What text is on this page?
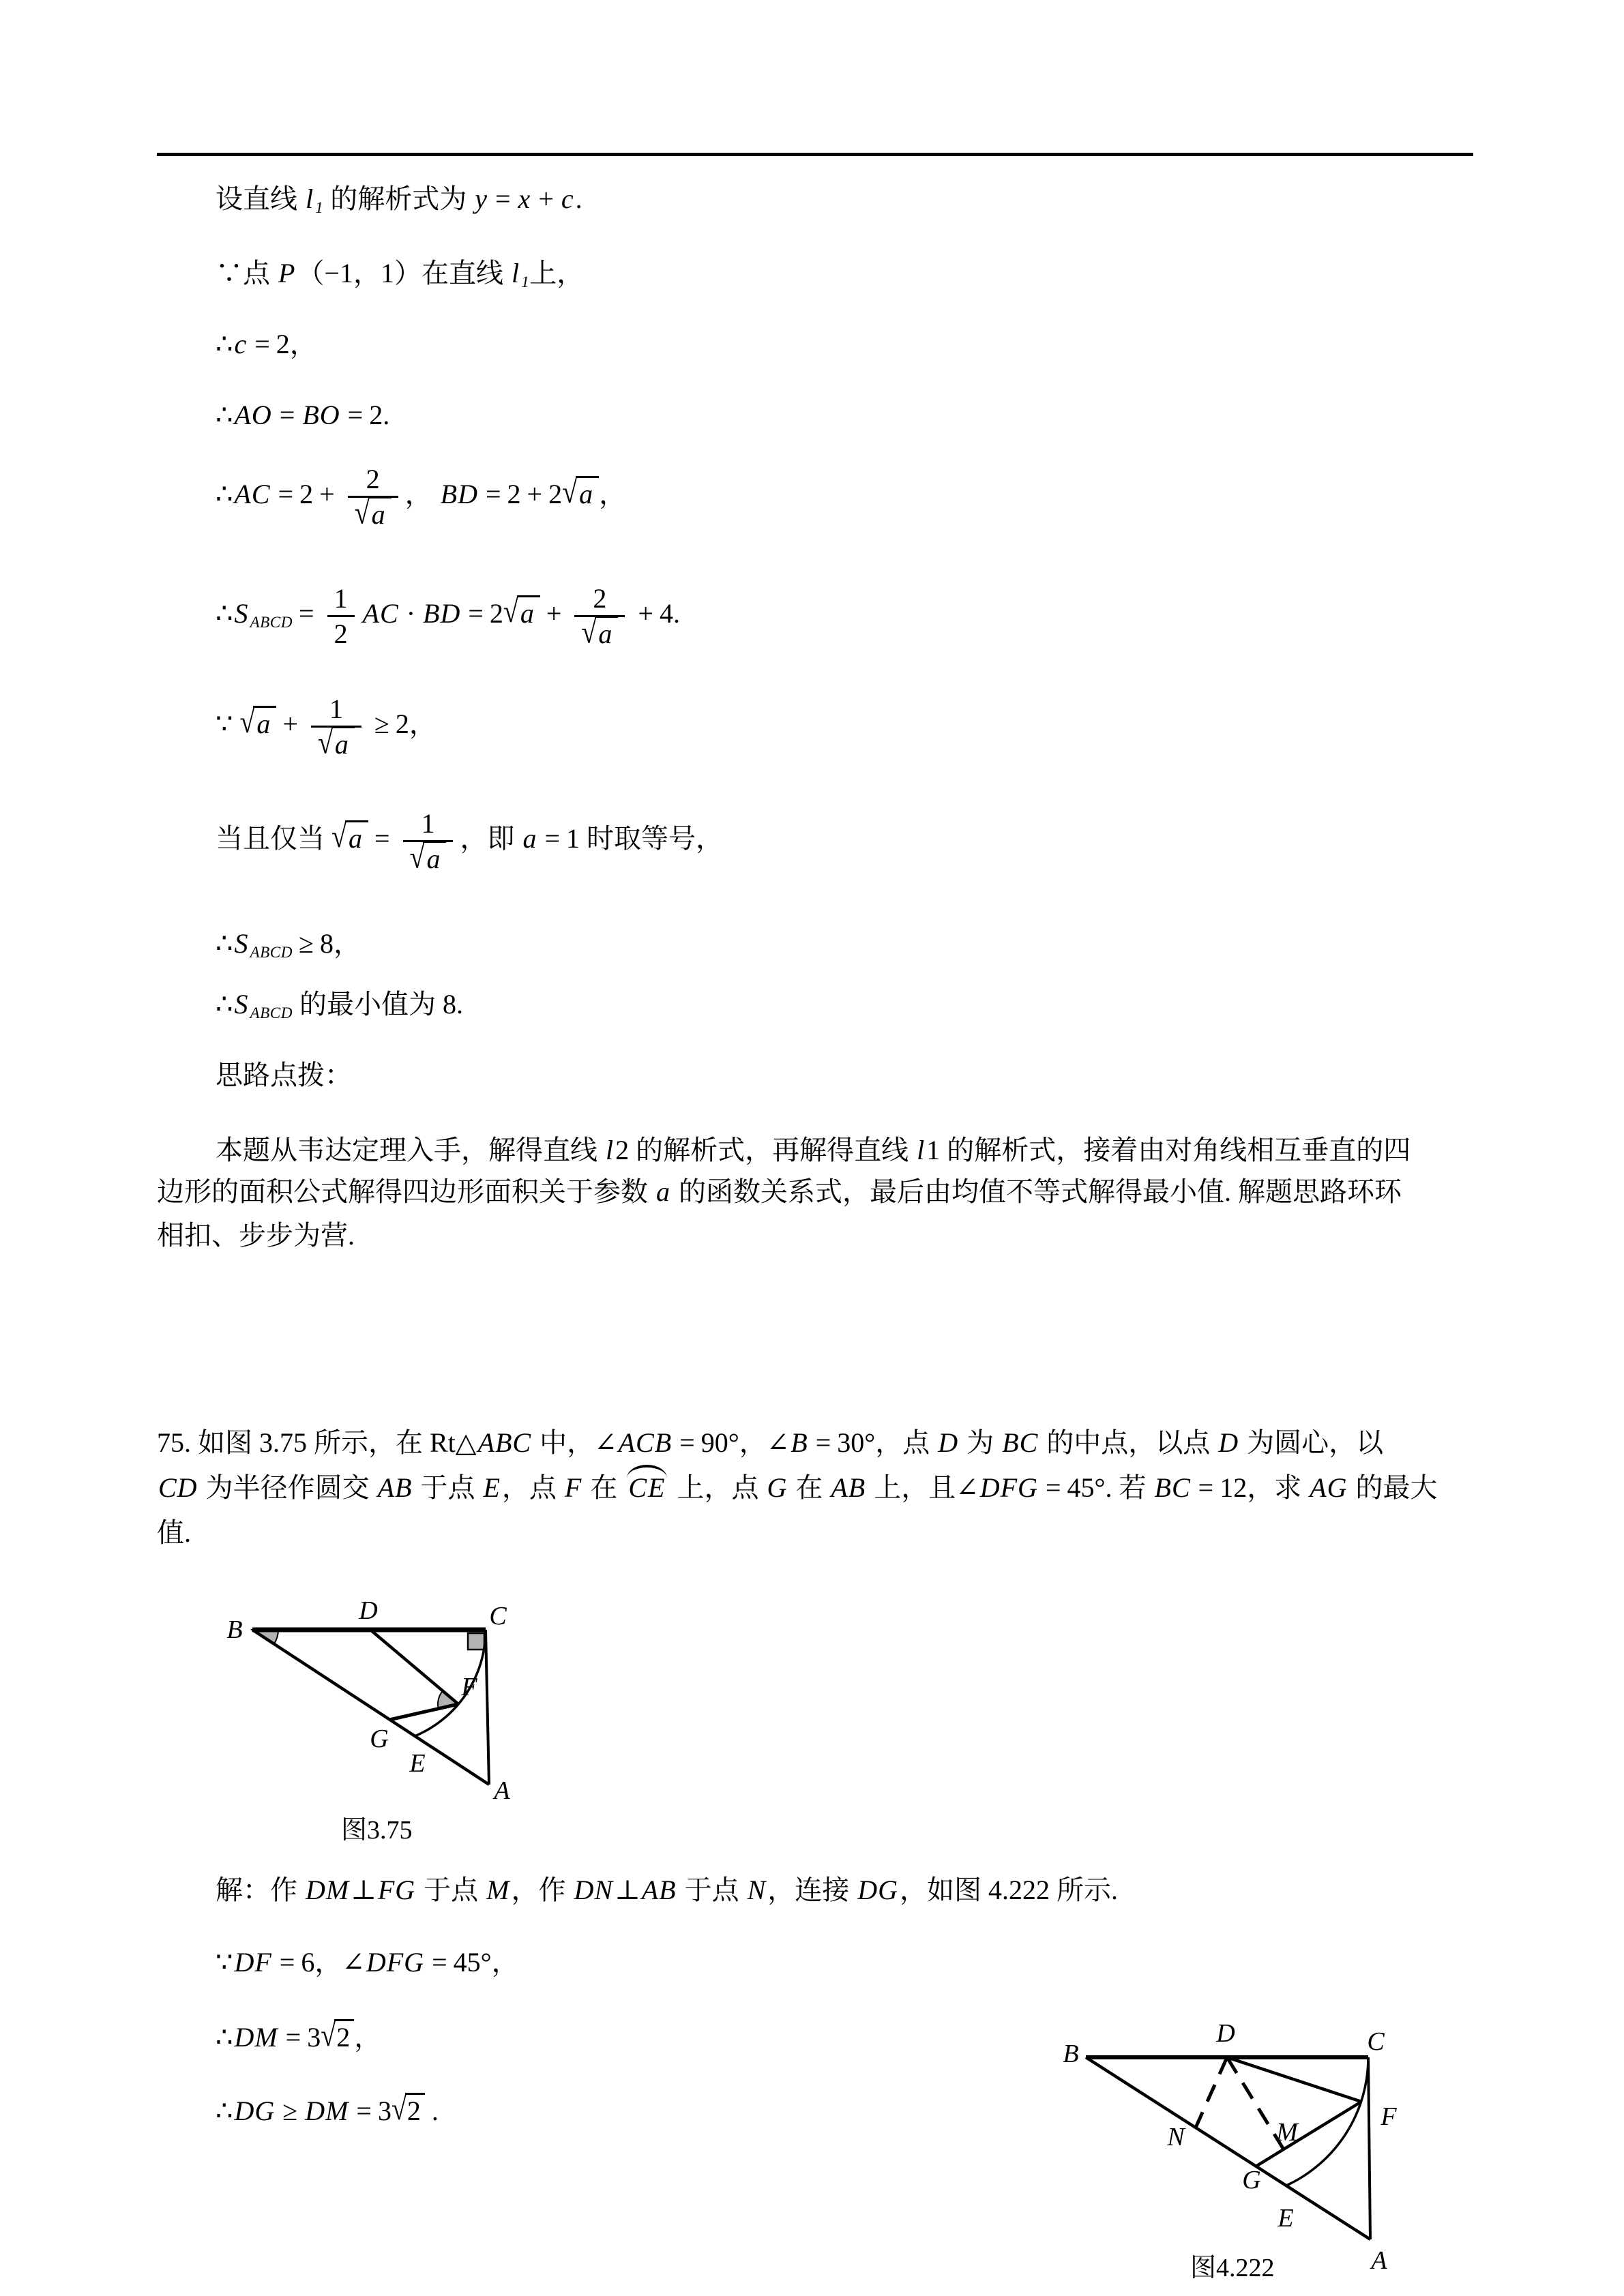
设直线 l1 的解析式为 y = x + c.
∵点 P（−1，1）在直线 l1上，
∴c = 2，
∴AO = BO = 2.
∴AC = $2 + \frac{2}{√a}$ ， BD = 2 + 2√a ，
∴SABCD = $\frac{1}{2}$ AC · BD = $2√a + \frac{2}{√a} + 4$.
∵ $√a + \frac{1}{√a} \ge 2$，
当且仅当 $√a = \frac{1}{√a}$ ，即 a = 1 时取等号，
∴SABCD ≥ 8，
∴SABCD 的最小值为 8.
思路点拨：
本题从韦达定理入手，解得直线 l2 的解析式，再解得直线 l1 的解析式，接着由对角线相互垂直的四
边形的面积公式解得四边形面积关于参数 a 的函数关系式，最后由均值不等式解得最小值. 解题思路环环
相扣、步步为营.
75. 如图 3.75 所示，在 Rt△ABC 中，∠ACB = 90°，∠B = 30°，点 D 为 BC 的中点，以点 D 为圆心，以
CD 为半径作圆交 AB 于点 E，点 F 在 CE 上，点 G 在 AB 上，且∠DFG = 45°. 若 BC = 12，求 AG 的最大
值.
B
D	C
F
G
E
A
图3.75
解：作 DM⊥FG 于点 M，作 DN⊥AB 于点 N，连接 DG，如图 4.222 所示.
∵DF = 6，∠DFG = 45°，
∴DM = 3√2 ，
∴DG ≥ DM = 3√2 .
B
D	C
F
N	M
G
E
A
图4.222
